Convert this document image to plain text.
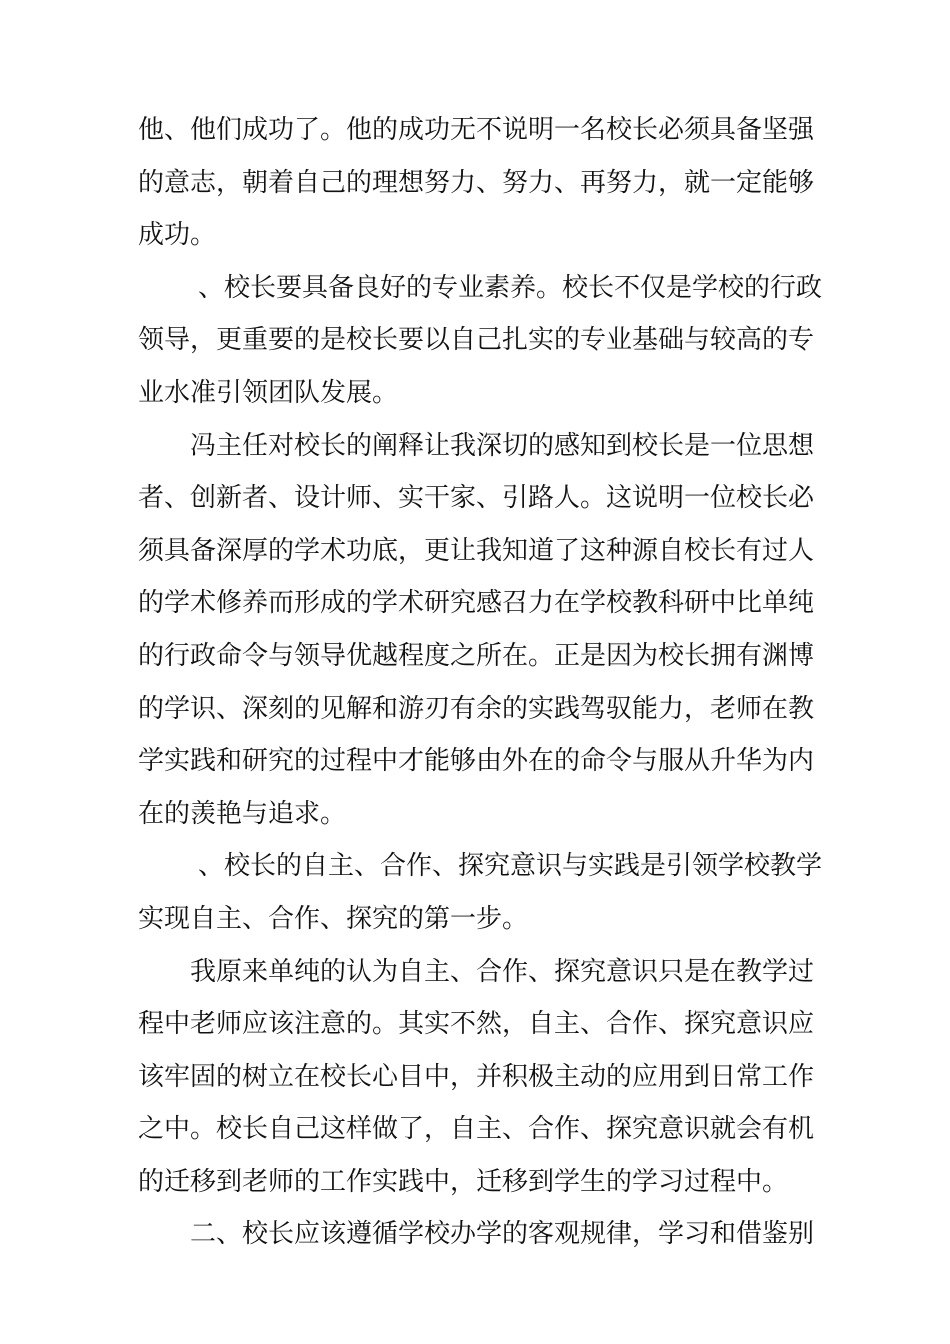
他、他们成功了。他的成功无不说明一名校长必须具备坚强
的意志，朝着自己的理想努力、努力、再努力，就一定能够
成功。

、校长要具备良好的专业素养。校长不仅是学校的行政
领导，更重要的是校长要以自己扎实的专业基础与较高的专
业水准引领团队发展。

冯主任对校长的阐释让我深切的感知到校长是一位思想
者、创新者、设计师、实干家、引路人。这说明一位校长必
须具备深厚的学术功底，更让我知道了这种源自校长有过人
的学术修养而形成的学术研究感召力在学校教科研中比单纯
的行政命令与领导优越程度之所在。正是因为校长拥有渊博
的学识、深刻的见解和游刃有余的实践驾驭能力，老师在教
学实践和研究的过程中才能够由外在的命令与服从升华为内
在的羡艳与追求。

、校长的自主、合作、探究意识与实践是引领学校教学
实现自主、合作、探究的第一步。

我原来单纯的认为自主、合作、探究意识只是在教学过
程中老师应该注意的。其实不然，自主、合作、探究意识应
该牢固的树立在校长心目中，并积极主动的应用到日常工作
之中。校长自己这样做了，自主、合作、探究意识就会有机
的迁移到老师的工作实践中，迁移到学生的学习过程中。

二、校长应该遵循学校办学的客观规律，学习和借鉴别
